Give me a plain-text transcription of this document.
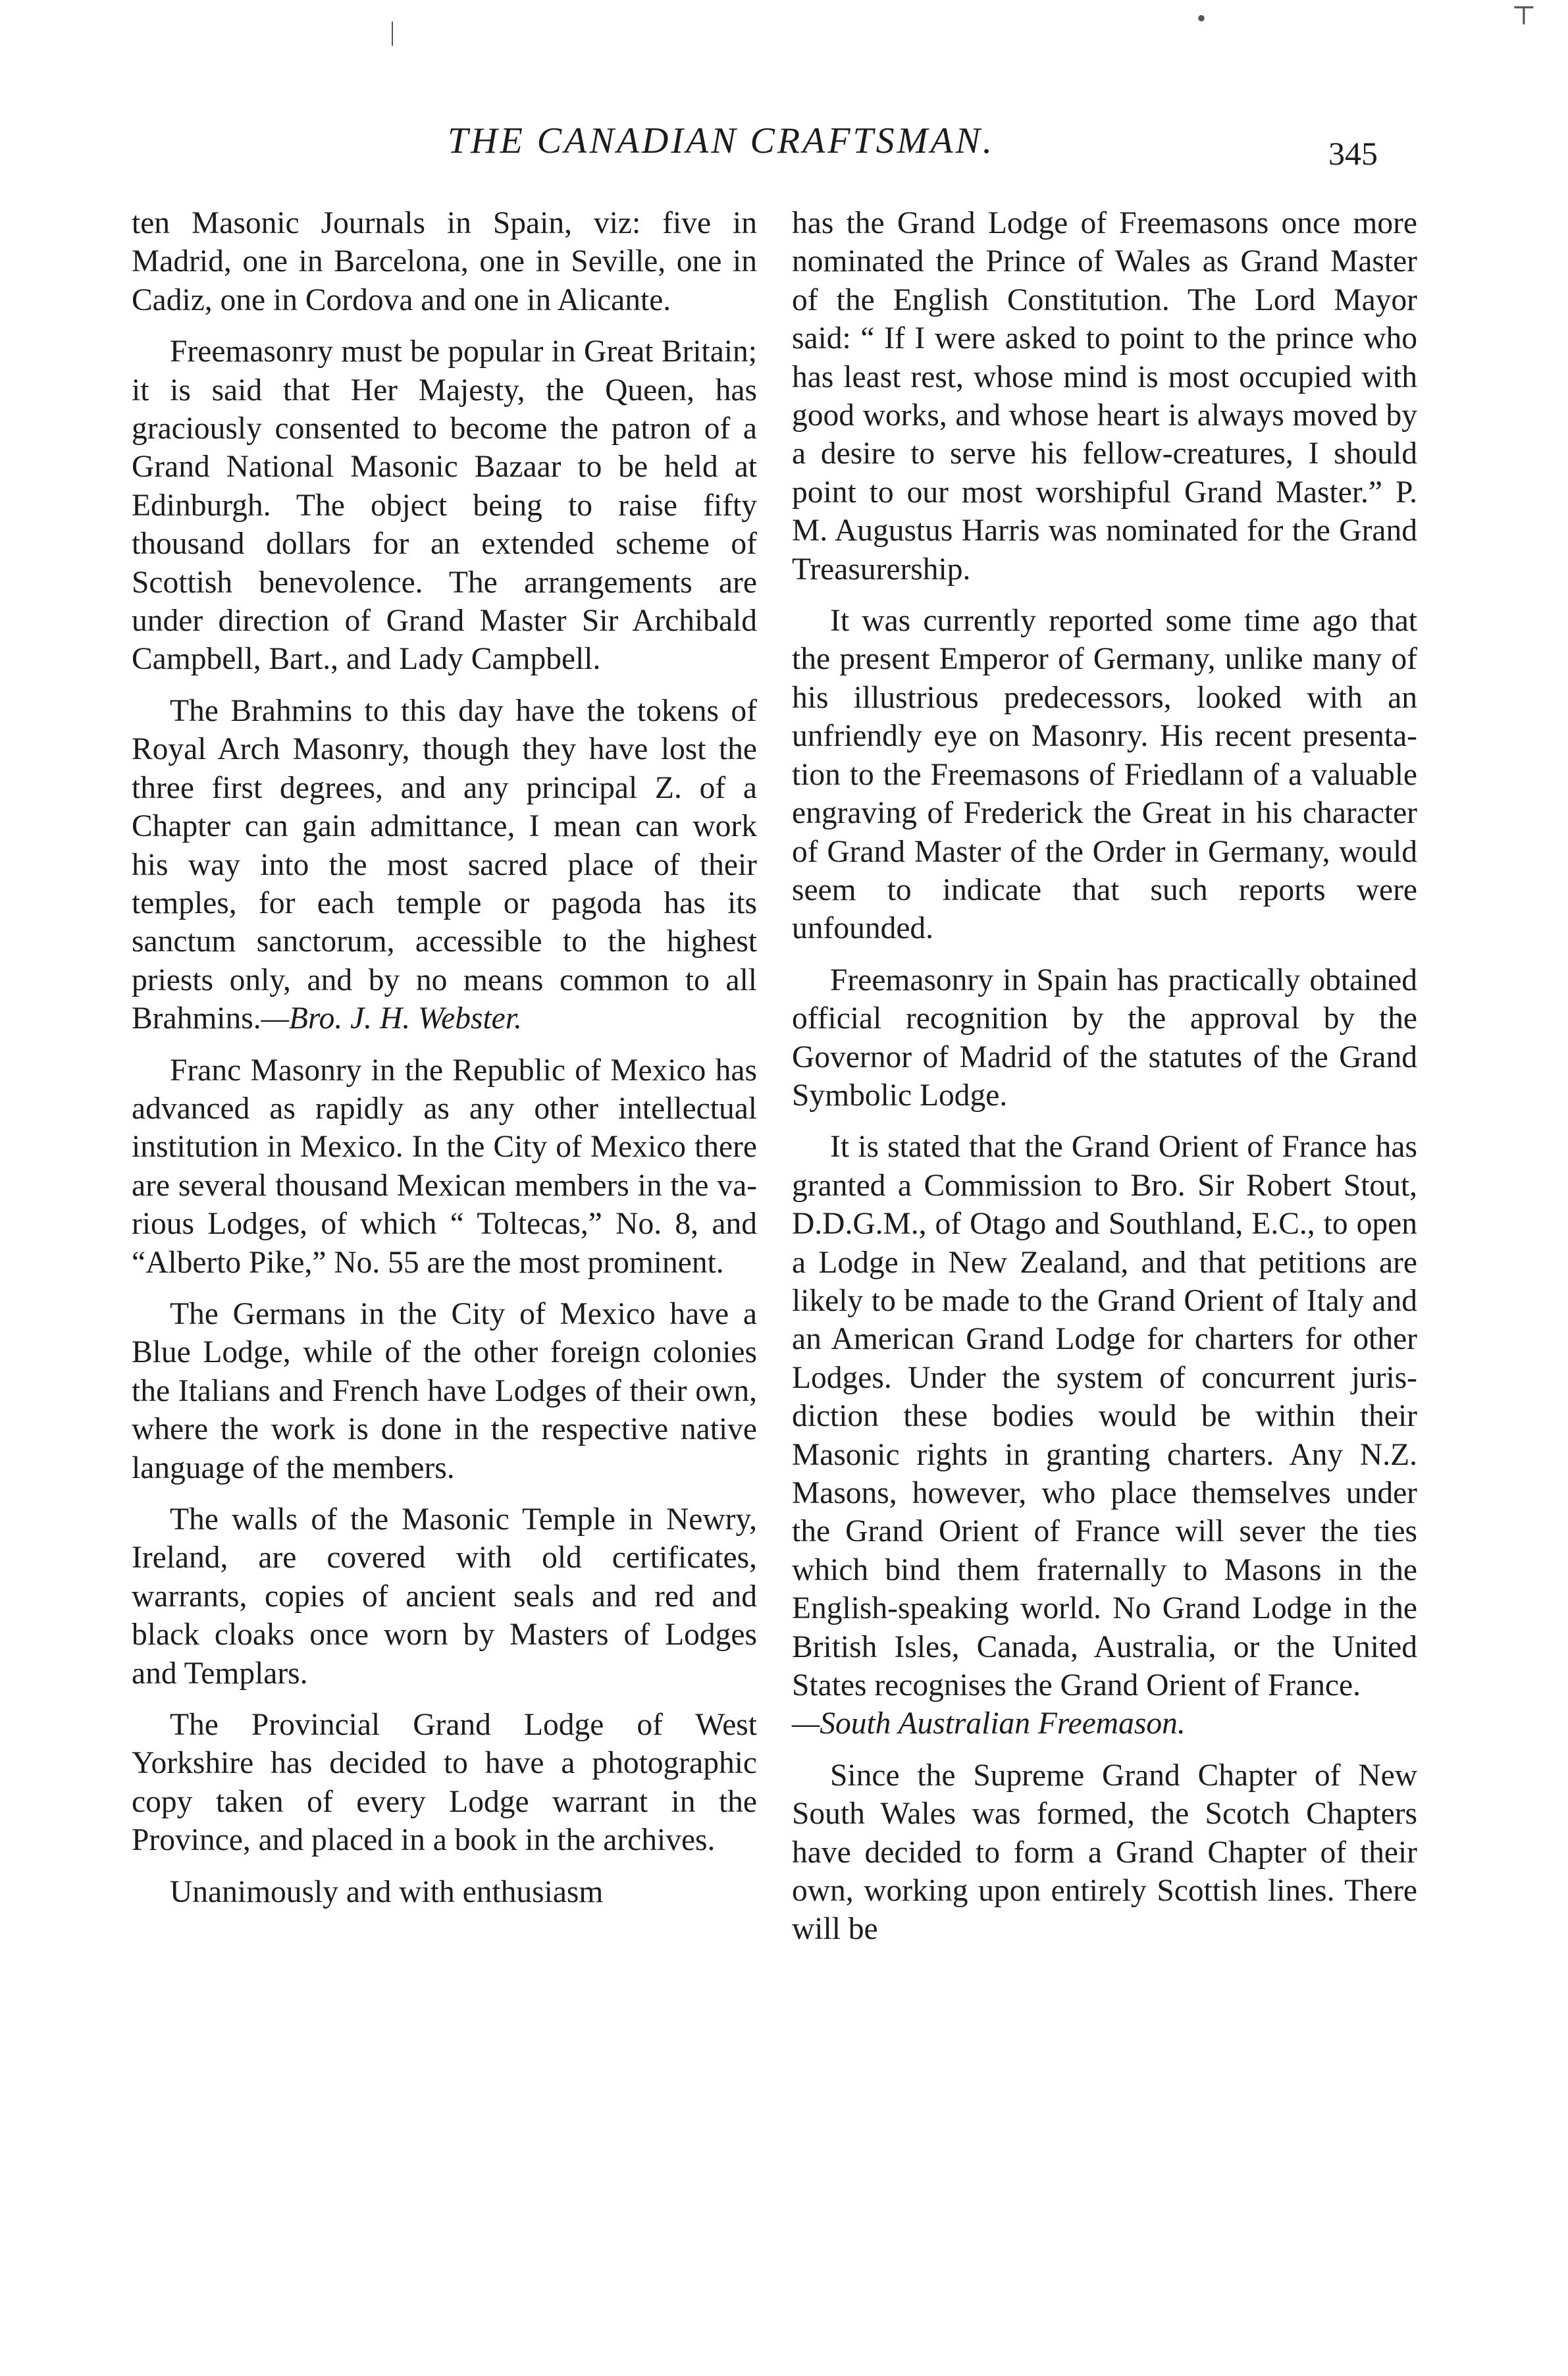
|	•	⊤
THE CANADIAN CRAFTSMAN.	345

ten Masonic Journals in Spain, viz: five in Madrid, one in Barcelona, one in Seville, one in Cadiz, one in Cordova and one in Alicante.

Freemasonry must be popular in Great Britain; it is said that Her Majesty, the Queen, has graciously consented to become the patron of a Grand National Masonic Bazaar to be held at Edinburgh. The object being to raise fifty thousand dollars for an extended scheme of Scottish benevolence. The arrangements are under direction of Grand Master Sir Archibald Campbell, Bart., and Lady Campbell.

The Brahmins to this day have the tokens of Royal Arch Masonry, though they have lost the three first degrees, and any principal Z. of a Chapter can gain admittance, I mean can work his way into the most sacred place of their temples, for each temple or pagoda has its sanctum sanctorum, accessible to the highest priests only, and by no means common to all Brahmins.—Bro. J. H. Webster.

Franc Masonry in the Republic of Mexico has advanced as rapidly as any other intellectual institution in Mexico. In the City of Mexico there are several thousand Mexican members in the various Lodges, of which “ Toltecas,” No. 8, and “Alberto Pike,” No. 55 are the most prominent.

The Germans in the City of Mexico have a Blue Lodge, while of the other foreign colonies the Italians and French have Lodges of their own, where the work is done in the respective native language of the members.

The walls of the Masonic Temple in Newry, Ireland, are covered with old certificates, warrants, copies of ancient seals and red and black cloaks once worn by Masters of Lodges and Templars.

The Provincial Grand Lodge of West Yorkshire has decided to have a photographic copy taken of every Lodge warrant in the Province, and placed in a book in the archives.

Unanimously and with enthusiasm

has the Grand Lodge of Freemasons once more nominated the Prince of Wales as Grand Master of the English Constitution. The Lord Mayor said: “ If I were asked to point to the prince who has least rest, whose mind is most occupied with good works, and whose heart is always moved by a desire to serve his fellow-creatures, I should point to our most worshipful Grand Master.” P. M. Augustus Harris was nominated for the Grand Treasurership.

It was currently reported some time ago that the present Emperor of Germany, unlike many of his illustrious predecessors, looked with an unfriendly eye on Masonry. His recent presentation to the Freemasons of Friedlann of a valuable engraving of Frederick the Great in his character of Grand Master of the Order in Germany, would seem to indicate that such reports were unfounded.

Freemasonry in Spain has practically obtained official recognition by the approval by the Governor of Madrid of the statutes of the Grand Symbolic Lodge.

It is stated that the Grand Orient of France has granted a Commission to Bro. Sir Robert Stout, D.D.G.M., of Otago and Southland, E.C., to open a Lodge in New Zealand, and that petitions are likely to be made to the Grand Orient of Italy and an American Grand Lodge for charters for other Lodges. Under the system of concurrent jurisdiction these bodies would be within their Masonic rights in granting charters. Any N.Z. Masons, however, who place themselves under the Grand Orient of France will sever the ties which bind them fraternally to Masons in the English-speaking world. No Grand Lodge in the British Isles, Canada, Australia, or the United States recognises the Grand Orient of France.
—South Australian Freemason.

Since the Supreme Grand Chapter of New South Wales was formed, the Scotch Chapters have decided to form a Grand Chapter of their own, working upon entirely Scottish lines. There will be
